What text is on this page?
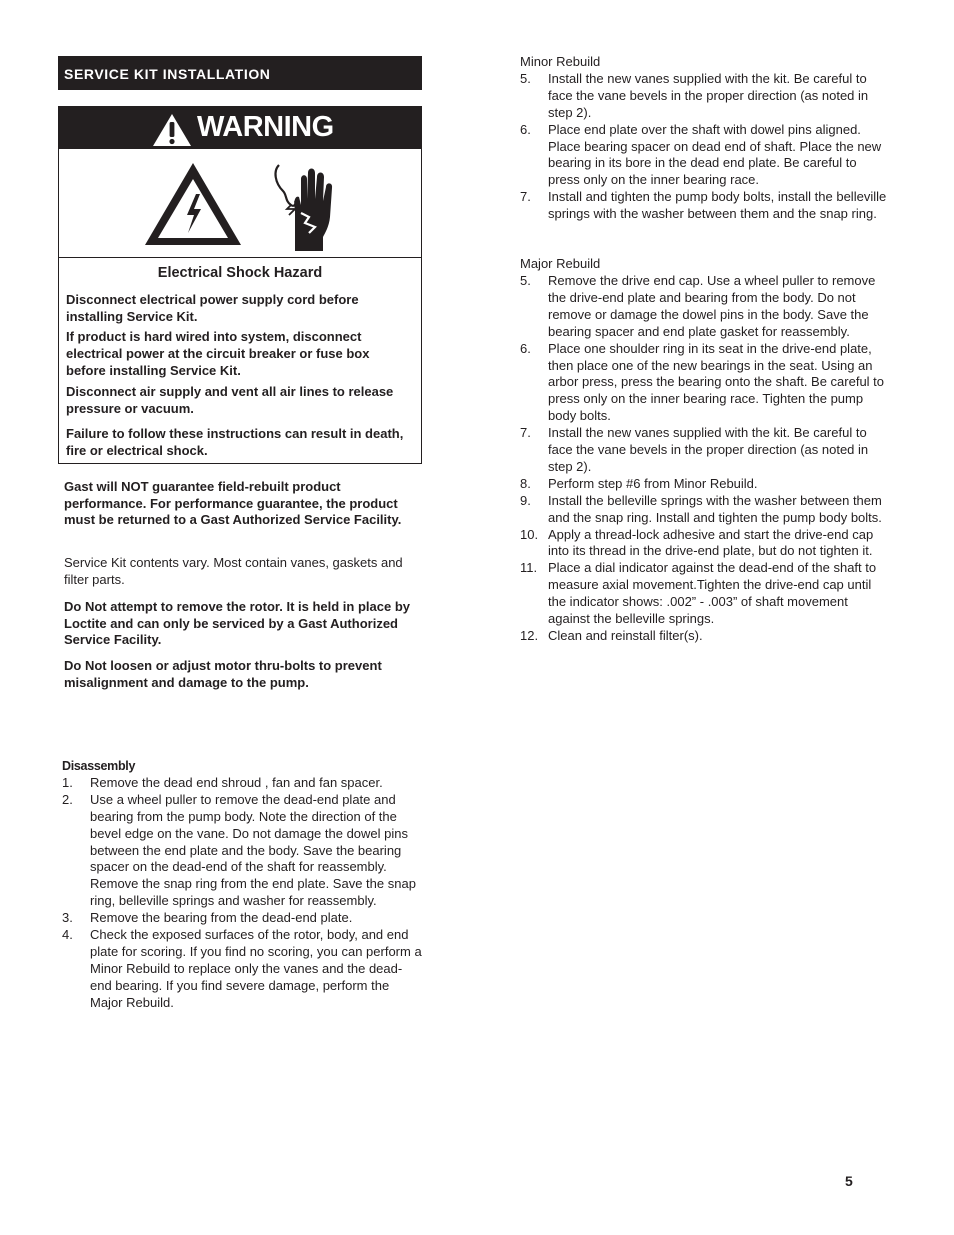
SERVICE KIT INSTALLATION
WARNING
Electrical Shock Hazard

Disconnect electrical power supply cord before installing Service Kit.

If product is hard wired into system, disconnect electrical power at the circuit breaker or fuse box before installing Service Kit.

Disconnect air supply and vent all air lines to release pressure or vacuum.

Failure to follow these instructions can result in death, fire or electrical shock.

Gast will NOT guarantee field-rebuilt product performance. For performance guarantee, the product must be returned to a Gast Authorized Service Facility.

Service Kit contents vary. Most contain vanes, gaskets and filter parts.

Do Not attempt to remove the rotor. It is held in place by Loctite and can only be serviced by a Gast Authorized Service Facility.

Do Not loosen or adjust motor thru-bolts to prevent misalignment and damage to the pump.

Disassembly

1. Remove the dead end shroud , fan and fan spacer.
2. Use a wheel puller to remove the dead-end plate and bearing from the pump body. Note the direction of the bevel edge on the vane. Do not damage the dowel pins between the end plate and the body. Save the bearing spacer on the dead-end of the shaft for reassembly. Remove the snap ring from the end plate. Save the snap ring, belleville springs and washer for reassembly.
3. Remove the bearing from the dead-end plate.
4. Check the exposed surfaces of the rotor, body, and end plate for scoring. If you find no scoring, you can perform a Minor Rebuild to replace only the vanes and the dead-end bearing. If you find severe damage, perform the Major Rebuild.

Minor Rebuild

5. Install the new vanes supplied with the kit. Be careful to face the vane bevels in the proper direction (as noted in step 2).
6. Place end plate over the shaft with dowel pins aligned. Place bearing spacer on dead end of shaft. Place the new bearing in its bore in the dead end plate. Be careful to press only on the inner bearing race.
7. Install and tighten the pump body bolts, install the belleville springs with the washer between them and the snap ring.

Major Rebuild

5. Remove the drive end cap. Use a wheel puller to remove the drive-end plate and bearing from the body. Do not remove or damage the dowel pins in the body. Save the bearing spacer and end plate gasket for reassembly.
6. Place one shoulder ring in its seat in the drive-end plate, then place one of the new bearings in the seat. Using an arbor press, press the bearing onto the shaft. Be careful to press only on the inner bearing race. Tighten the pump body bolts.
7. Install the new vanes supplied with the kit. Be careful to face the vane bevels in the proper direction (as noted in step 2).
8. Perform step #6 from Minor Rebuild.
9. Install the belleville springs with the washer between them and the snap ring. Install and tighten the pump body bolts.
10. Apply a thread-lock adhesive and start the drive-end cap into its thread in the drive-end plate, but do not tighten it.
11. Place a dial indicator against the dead-end of the shaft to measure axial movement.Tighten the drive-end cap until the indicator shows: .002” - .003” of shaft movement against the belleville springs.
12. Clean and reinstall filter(s).
5
